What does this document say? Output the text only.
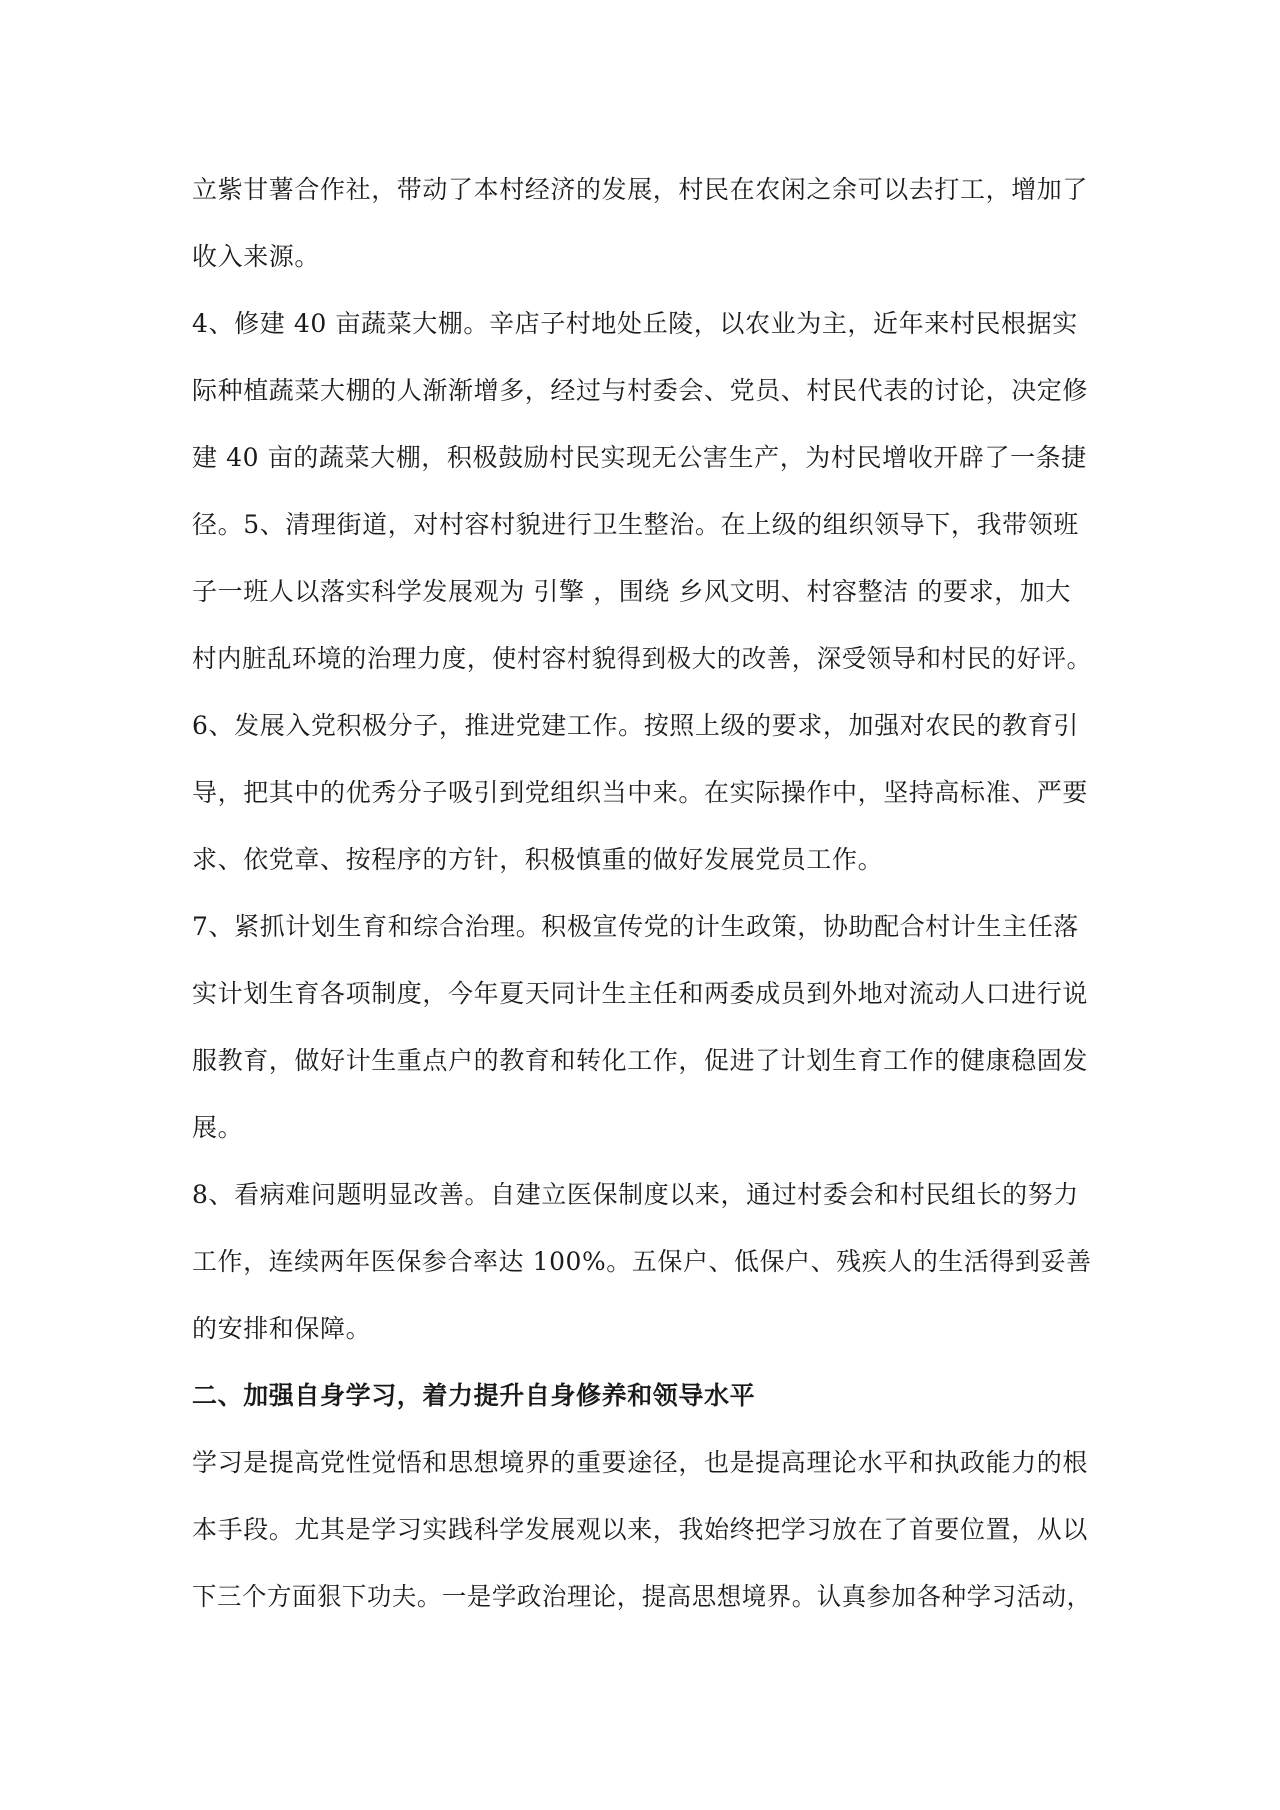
立紫甘薯合作社，带动了本村经济的发展，村民在农闲之余可以去打工，增加了
收入来源。
4、修建 40 亩蔬菜大棚。辛店子村地处丘陵，以农业为主，近年来村民根据实
际种植蔬菜大棚的人渐渐增多，经过与村委会、党员、村民代表的讨论，决定修
建 40 亩的蔬菜大棚，积极鼓励村民实现无公害生产，为村民增收开辟了一条捷
径。5、清理街道，对村容村貌进行卫生整治。在上级的组织领导下，我带领班
子一班人以落实科学发展观为 引擎 ，围绕 乡风文明、村容整洁 的要求，加大
村内脏乱环境的治理力度，使村容村貌得到极大的改善，深受领导和村民的好评。
6、发展入党积极分子，推进党建工作。按照上级的要求，加强对农民的教育引
导，把其中的优秀分子吸引到党组织当中来。在实际操作中，坚持高标准、严要
求、依党章、按程序的方针，积极慎重的做好发展党员工作。
7、紧抓计划生育和综合治理。积极宣传党的计生政策，协助配合村计生主任落
实计划生育各项制度，今年夏天同计生主任和两委成员到外地对流动人口进行说
服教育，做好计生重点户的教育和转化工作，促进了计划生育工作的健康稳固发
展。
8、看病难问题明显改善。自建立医保制度以来，通过村委会和村民组长的努力
工作，连续两年医保参合率达 100%。五保户、低保户、残疾人的生活得到妥善
的安排和保障。
二、加强自身学习，着力提升自身修养和领导水平
学习是提高党性觉悟和思想境界的重要途径，也是提高理论水平和执政能力的根
本手段。尤其是学习实践科学发展观以来，我始终把学习放在了首要位置，从以
下三个方面狠下功夫。一是学政治理论，提高思想境界。认真参加各种学习活动，
